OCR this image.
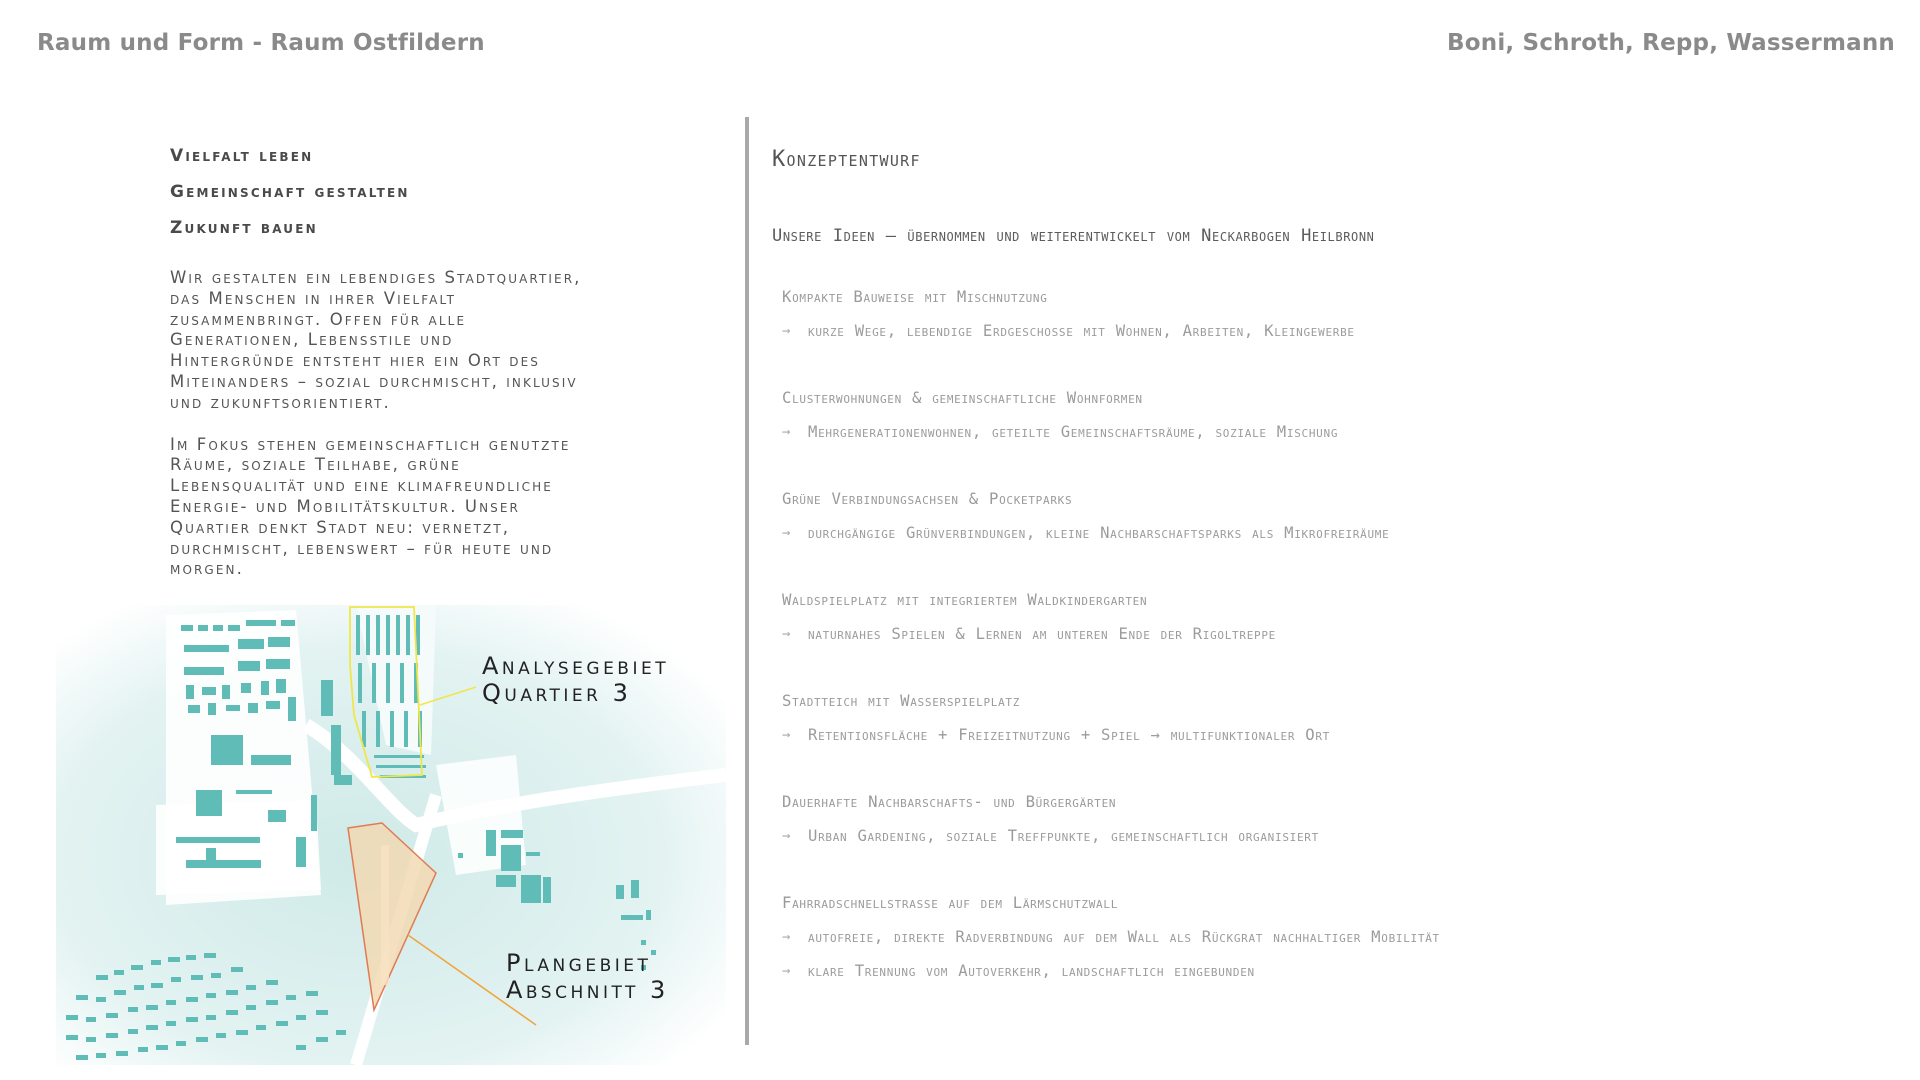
Raum und Form - Raum Ostfildern	Boni, Schroth, Repp, Wassermann
Vielfalt leben
Gemeinschaft gestalten
Zukunft bauen
Wir gestalten ein lebendiges Stadtquartier,
das Menschen in ihrer Vielfalt
zusammenbringt. Offen für alle
Generationen, Lebensstile und
Hintergründe entsteht hier ein Ort des
Miteinanders – sozial durchmischt, inklusiv
und zukunftsorientiert.
Im Fokus stehen gemeinschaftlich genutzte
Räume, soziale Teilhabe, grüne
Lebensqualität und eine klimafreundliche
Energie- und Mobilitätskultur. Unser
Quartier denkt Stadt neu: vernetzt,
durchmischt, lebenswert – für heute und
morgen.
Analysegebiet
Quartier 3
Plangebiet
Abschnitt 3
Konzeptentwurf
Unsere Ideen – übernommen und weiterentwickelt vom Neckarbogen Heilbronn
Kompakte Bauweise mit Mischnutzung
→	kurze Wege, lebendige Erdgeschosse mit Wohnen, Arbeiten, Kleingewerbe
Clusterwohnungen & gemeinschaftliche Wohnformen
→	Mehrgenerationenwohnen, geteilte Gemeinschaftsräume, soziale Mischung
Grüne Verbindungsachsen & Pocketparks
→	durchgängige Grünverbindungen, kleine Nachbarschaftsparks als Mikrofreiräume
Waldspielplatz mit integriertem Waldkindergarten
→	naturnahes Spielen & Lernen am unteren Ende der Rigoltreppe
Stadtteich mit Wasserspielplatz
→	Retentionsfläche + Freizeitnutzung + Spiel → multifunktionaler Ort
Dauerhafte Nachbarschafts- und Bürgergärten
→	Urban Gardening, soziale Treffpunkte, gemeinschaftlich organisiert
Fahrradschnellstrasse auf dem Lärmschutzwall
→	autofreie, direkte Radverbindung auf dem Wall als Rückgrat nachhaltiger Mobilität
→	klare Trennung vom Autoverkehr, landschaftlich eingebunden
